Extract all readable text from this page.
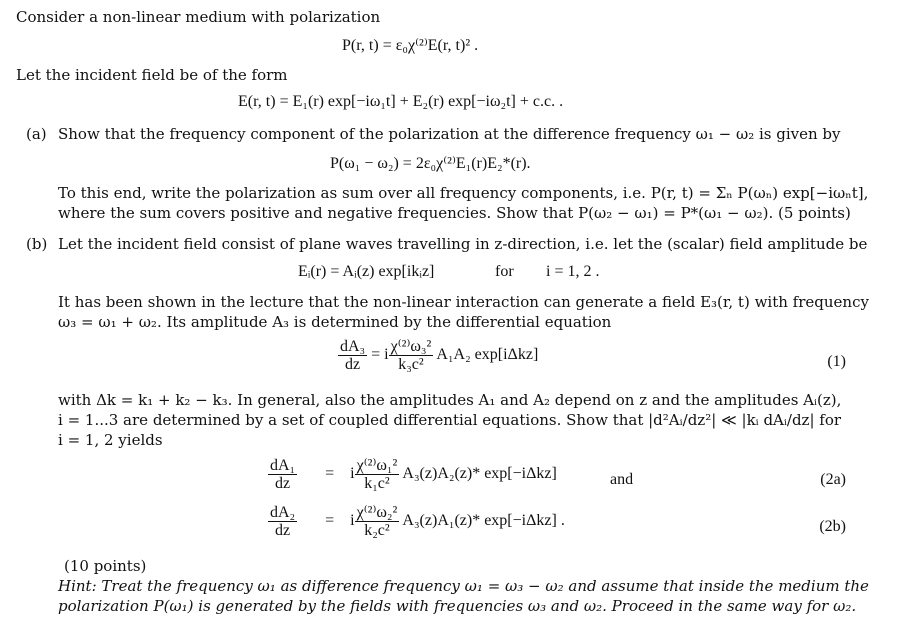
Consider a non-linear medium with polarization
P(r, t) = ε₀χ⁽²⁾E(r, t)² .
Let the incident field be of the form
E(r, t) = E₁(r) exp[−iω₁t] + E₂(r) exp[−iω₂t] + c.c. .
(a) Show that the frequency component of the polarization at the difference frequency ω₁ − ω₂ is given by
P(ω₁ − ω₂) = 2ε₀χ⁽²⁾E₁(r)E₂*(r).
To this end, write the polarization as sum over all frequency components, i.e. P(r, t) = Σₙ P(ωₙ) exp[−iωₙt],
where the sum covers positive and negative frequencies. Show that P(ω₂ − ω₁) = P*(ω₁ − ω₂). (5 points)
(b) Let the incident field consist of plane waves travelling in z-direction, i.e. let the (scalar) field amplitude be
Eᵢ(r) = Aᵢ(z) exp[ikᵢz]	for i = 1, 2 .
It has been shown in the lecture that the non-linear interaction can generate a field E₃(r, t) with frequency
ω₃ = ω₁ + ω₂. Its amplitude A₃ is determined by the differential equation
$\frac{\text{dA₃}}{dz} = i \frac{\text{χ⁽²⁾ω₃²}}{\text{k₃c²}} A_1A_2$ exp[iΔkz]	(1)
with Δk = k₁ + k₂ − k₃. In general, also the amplitudes A₁ and A₂ depend on z and the amplitudes Aᵢ(z),
i = 1...3 are determined by a set of coupled differential equations. Show that |d²Aᵢ/dz²| ≪ |kᵢ dAᵢ/dz| for
i = 1, 2 yields
$\frac{\text{dA₁}}{dz} = i \frac{\text{χ⁽²⁾ω₁²}}{\text{k₁c²}} A_3(z)A_2(z)*$ exp[−iΔkz]	and	(2a)
$\frac{\text{dA₂}}{dz} = i \frac{\text{χ⁽²⁾ω₂²}}{\text{k₂c²}} A_3(z)A_1(z)*$ exp[−iΔkz] .	(2b)
(10 points)
Hint: Treat the frequency ω₁ as difference frequency ω₁ = ω₃ − ω₂ and assume that inside the medium the
polarization P(ω₁) is generated by the fields with frequencies ω₃ and ω₂. Proceed in the same way for ω₂.
